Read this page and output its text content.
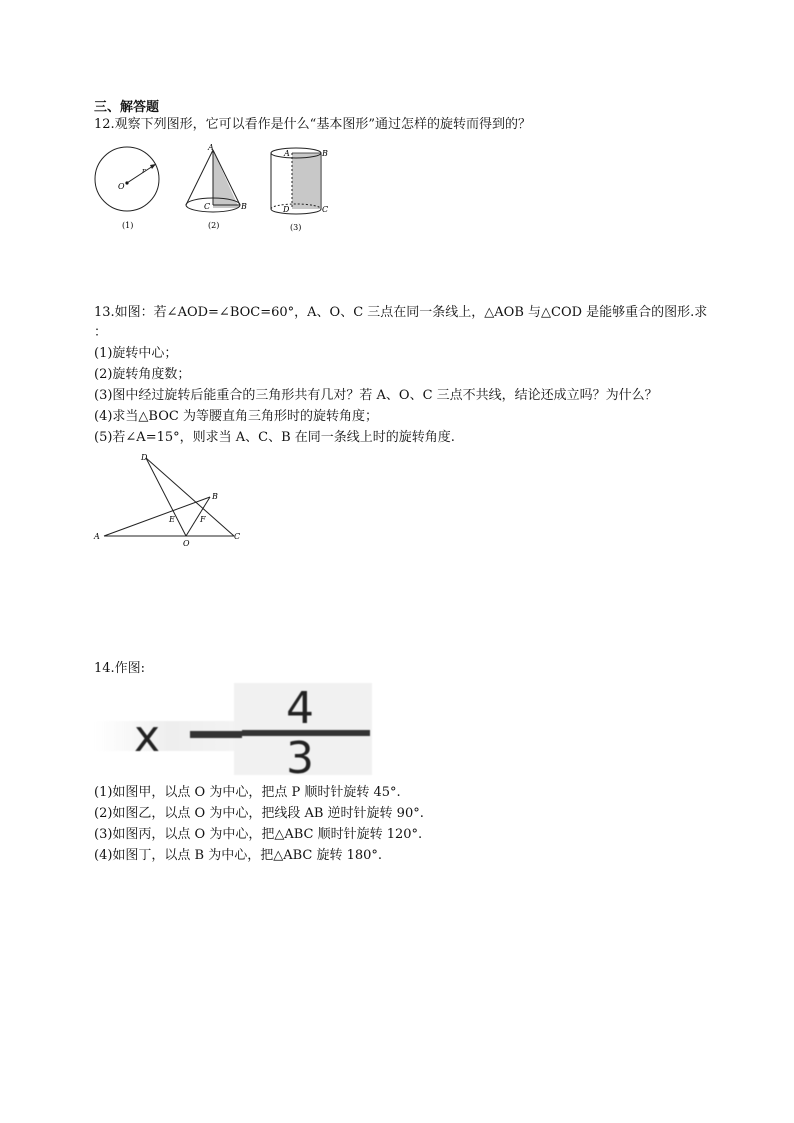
三、解答题
12.观察下列图形，它可以看作是什么“基本图形”通过怎样的旋转而得到的？
O
r
(1)
A
C	B
(2)
A	B
D	C
(3)
13.如图：若∠AOD=∠BOC=60°，A、O、C 三点在同一条线上，△AOB 与△COD 是能够重合的图形.求
：
(1)旋转中心；
(2)旋转角度数；
(3)图中经过旋转后能重合的三角形共有几对？若 A、O、C 三点不共线，结论还成立吗？为什么？
(4)求当△BOC 为等腰直角三角形时的旋转角度；
(5)若∠A=15°，则求当 A、C、B 在同一条线上时的旋转角度.
D
B
E	F
A
O
C
14.作图:
x
=	4
3
(1)如图甲，以点 O 为中心，把点 P 顺时针旋转 45°.
(2)如图乙，以点 O 为中心，把线段 AB 逆时针旋转 90°.
(3)如图丙，以点 O 为中心，把△ABC 顺时针旋转 120°.
(4)如图丁，以点 B 为中心，把△ABC 旋转 180°.
